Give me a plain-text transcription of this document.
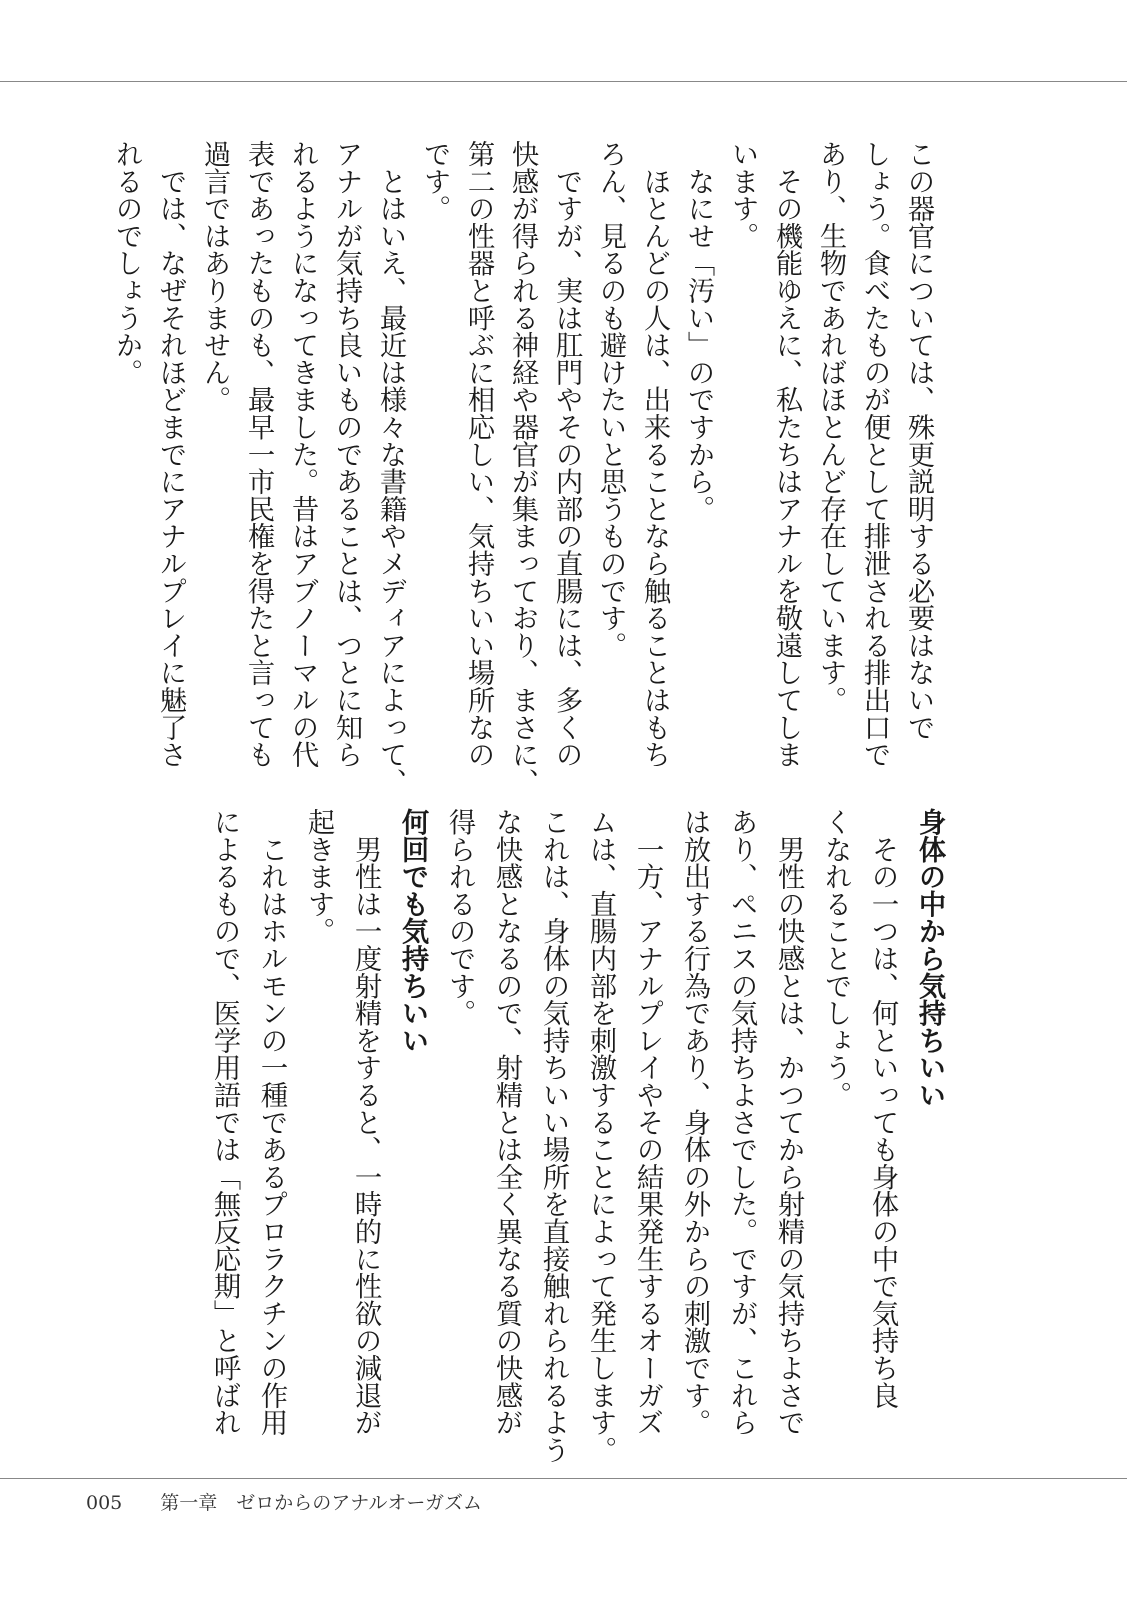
この器官については、殊更説明する必要はないで
しょう。食べたものが便として排泄される排出口で
あり、生物であればほとんど存在しています。
　その機能ゆえに、私たちはアナルを敬遠してしま
います。
　なにせ「汚い」のですから。
　ほとんどの人は、出来ることなら触ることはもち
ろん、見るのも避けたいと思うものです。
　ですが、実は肛門やその内部の直腸には、多くの
快感が得られる神経や器官が集まっており、まさに、
第二の性器と呼ぶに相応しい、気持ちいい場所なの
です。
　とはいえ、最近は様々な書籍やメディアによって、
アナルが気持ち良いものであることは、つとに知ら
れるようになってきました。昔はアブノーマルの代
表であったものも、最早一市民権を得たと言っても
過言ではありません。
　では、なぜそれほどまでにアナルプレイに魅了さ
れるのでしょうか。
身体の中から気持ちいい
　その一つは、何といっても身体の中で気持ち良
くなれることでしょう。
　男性の快感とは、かつてから射精の気持ちよさで
あり、ペニスの気持ちよさでした。ですが、これら
は放出する行為であり、身体の外からの刺激です。
　一方、アナルプレイやその結果発生するオーガズ
ムは、直腸内部を刺激することによって発生します。
これは、身体の気持ちいい場所を直接触れられるよう
な快感となるので、射精とは全く異なる質の快感が
得られるのです。
何回でも気持ちいい
　男性は一度射精をすると、一時的に性欲の減退が
起きます。
　これはホルモンの一種であるプロラクチンの作用
によるもので、医学用語では「無反応期」と呼ばれ
005　　 第一章　ゼロからのアナルオーガズム
